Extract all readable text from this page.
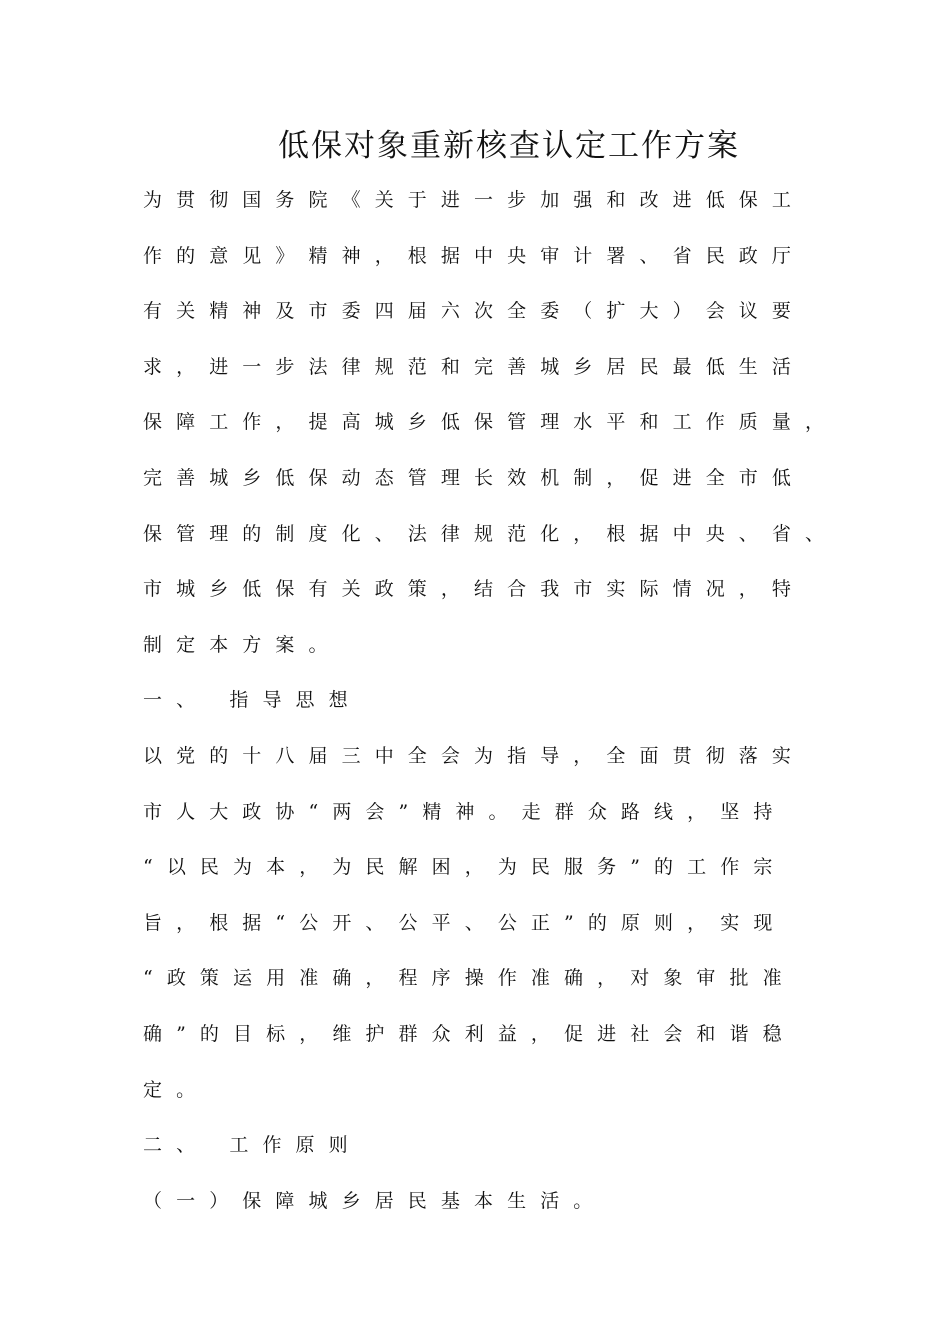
低保对象重新核查认定工作方案
为贯彻国务院《关于进一步加强和改进低保工
作的意见》精神，根据中央审计署、省民政厅
有关精神及市委四届六次全委（扩大）会议要
求，进一步法律规范和完善城乡居民最低生活
保障工作，提高城乡低保管理水平和工作质量，
完善城乡低保动态管理长效机制，促进全市低
保管理的制度化、法律规范化，根据中央、省、
市城乡低保有关政策，结合我市实际情况，特
制定本方案。
一、 指导思想
以党的十八届三中全会为指导，全面贯彻落实
市人大政协“两会”精神。走群众路线，坚持
“以民为本，为民解困，为民服务”的工作宗
旨，根据“公开、公平、公正”的原则，实现
“政策运用准确，程序操作准确，对象审批准
确”的目标，维护群众利益，促进社会和谐稳
定。
二、 工作原则
（一）保障城乡居民基本生活。
